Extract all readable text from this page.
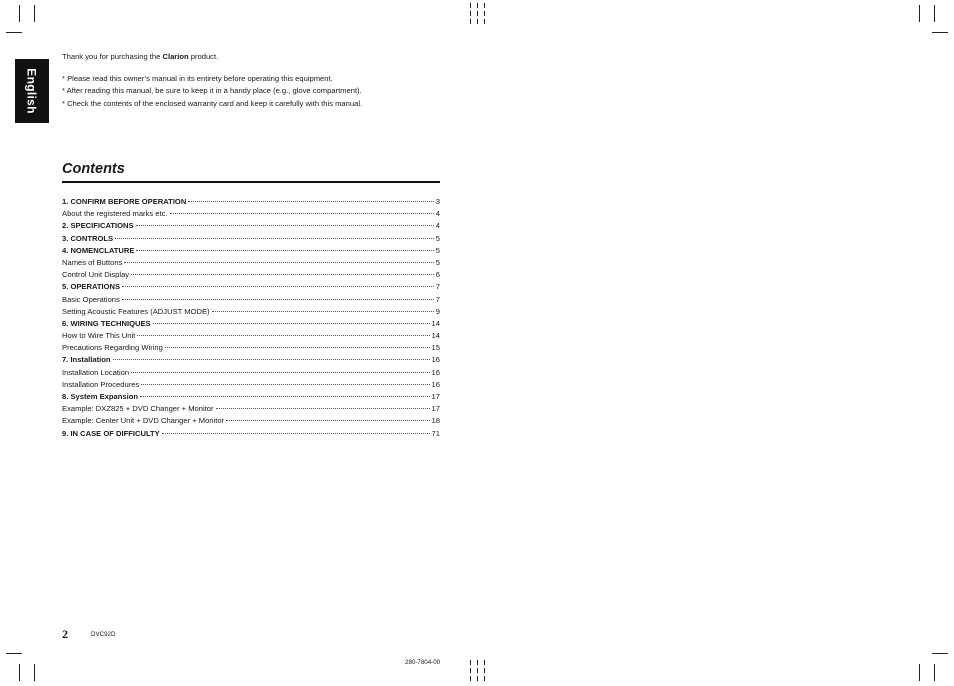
English

Thank you for purchasing the Clarion product.

* Please read this owner’s manual in its entirety before operating this equipment.

* After reading this manual, be sure to keep it in a handy place (e.g., glove compartment).

* Check the contents of the enclosed warranty card and keep it carefully with this manual.

Contents
1. CONFIRM BEFORE OPERATION	3
About the registered marks etc.	4
2. SPECIFICATIONS	4
3. CONTROLS	5
4. NOMENCLATURE	5
Names of Buttons	5
Control Unit Display	6
5. OPERATIONS	7
Basic Operations	7
Setting Acoustic Features (ADJUST MODE)	9
6. WIRING TECHNIQUES	14
How to Wire This Unit	14
Precautions Regarding Wiring	15
7. Installation	16
Installation Location	16
Installation Procedures	16
8. System Expansion	17
Example: DXZ825 + DVD Changer + Monitor	17
Example: Center Unit + DVD Changer + Monitor	18
9. IN CASE OF DIFFICULTY	71
2	DVC92D
280-7804-00
